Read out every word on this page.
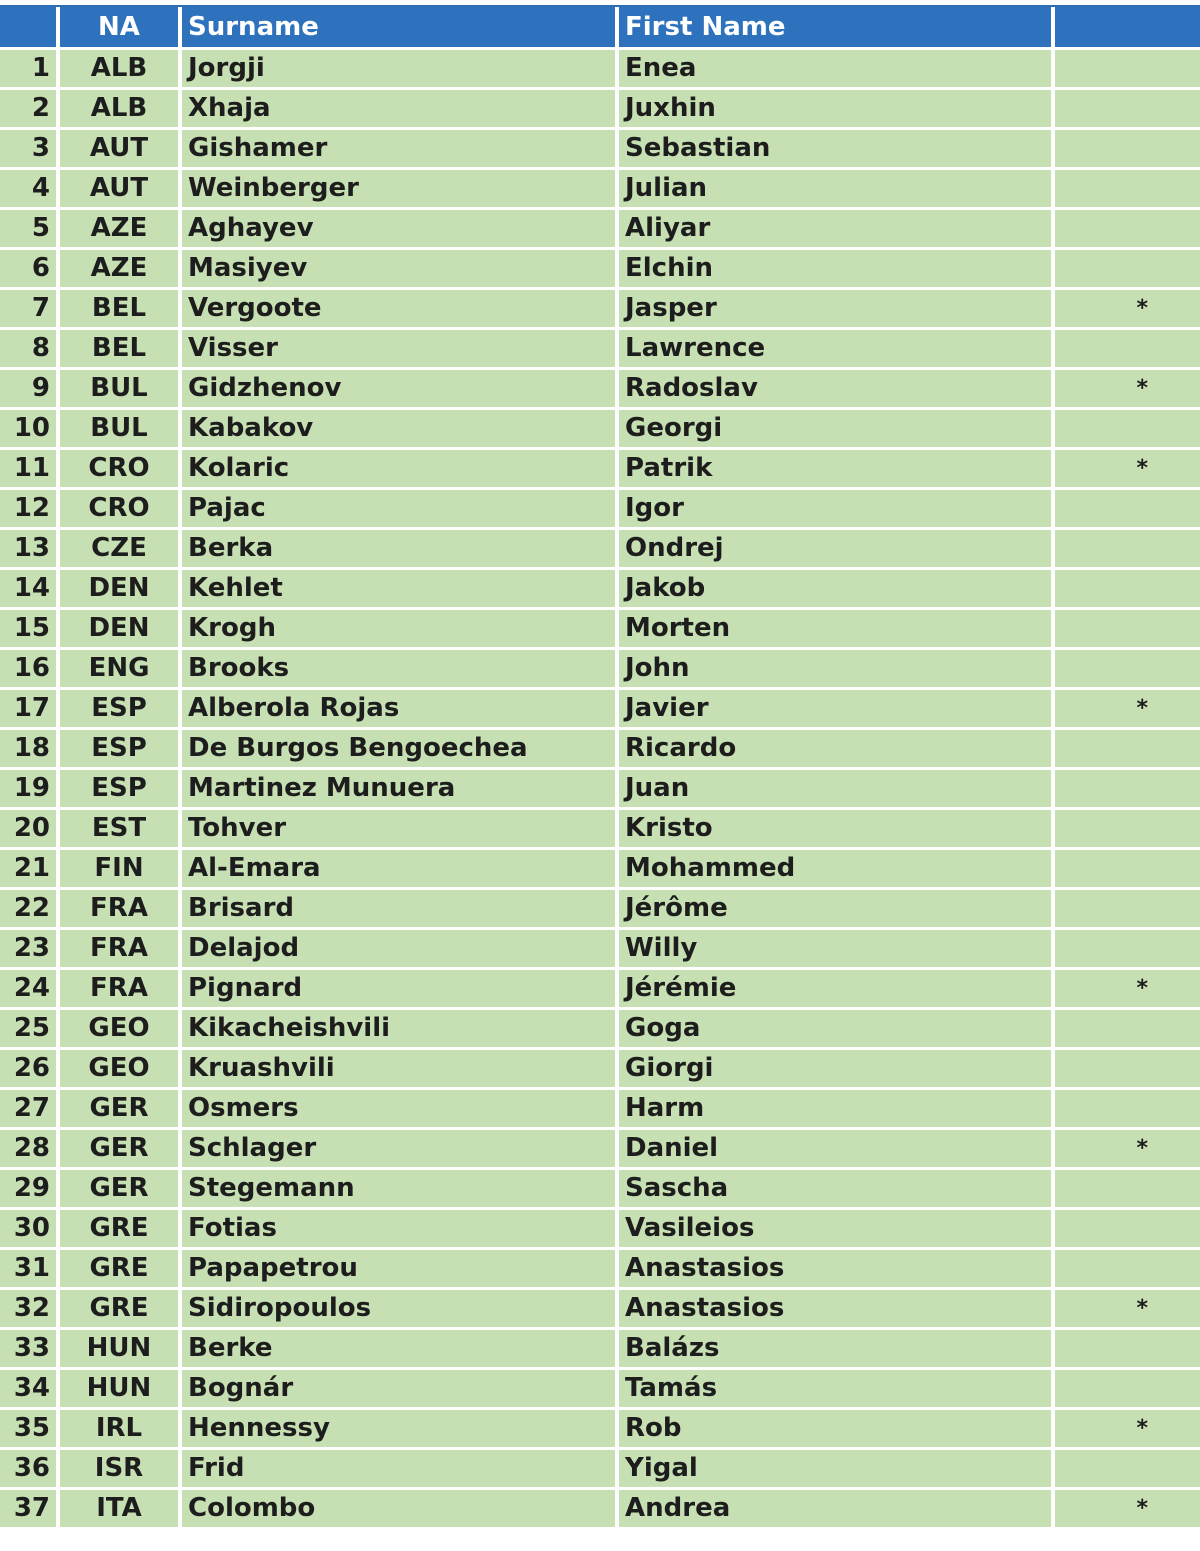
	NA	Surname	First Name	
1	ALB	Jorgji	Enea	
2	ALB	Xhaja	Juxhin	
3	AUT	Gishamer	Sebastian	
4	AUT	Weinberger	Julian	
5	AZE	Aghayev	Aliyar	
6	AZE	Masiyev	Elchin	
7	BEL	Vergoote	Jasper	*
8	BEL	Visser	Lawrence	
9	BUL	Gidzhenov	Radoslav	*
10	BUL	Kabakov	Georgi	
11	CRO	Kolaric	Patrik	*
12	CRO	Pajac	Igor	
13	CZE	Berka	Ondrej	
14	DEN	Kehlet	Jakob	
15	DEN	Krogh	Morten	
16	ENG	Brooks	John	
17	ESP	Alberola Rojas	Javier	*
18	ESP	De Burgos Bengoechea	Ricardo	
19	ESP	Martinez Munuera	Juan	
20	EST	Tohver	Kristo	
21	FIN	Al-Emara	Mohammed	
22	FRA	Brisard	Jérôme	
23	FRA	Delajod	Willy	
24	FRA	Pignard	Jérémie	*
25	GEO	Kikacheishvili	Goga	
26	GEO	Kruashvili	Giorgi	
27	GER	Osmers	Harm	
28	GER	Schlager	Daniel	*
29	GER	Stegemann	Sascha	
30	GRE	Fotias	Vasileios	
31	GRE	Papapetrou	Anastasios	
32	GRE	Sidiropoulos	Anastasios	*
33	HUN	Berke	Balázs	
34	HUN	Bognár	Tamás	
35	IRL	Hennessy	Rob	*
36	ISR	Frid	Yigal	
37	ITA	Colombo	Andrea	*
